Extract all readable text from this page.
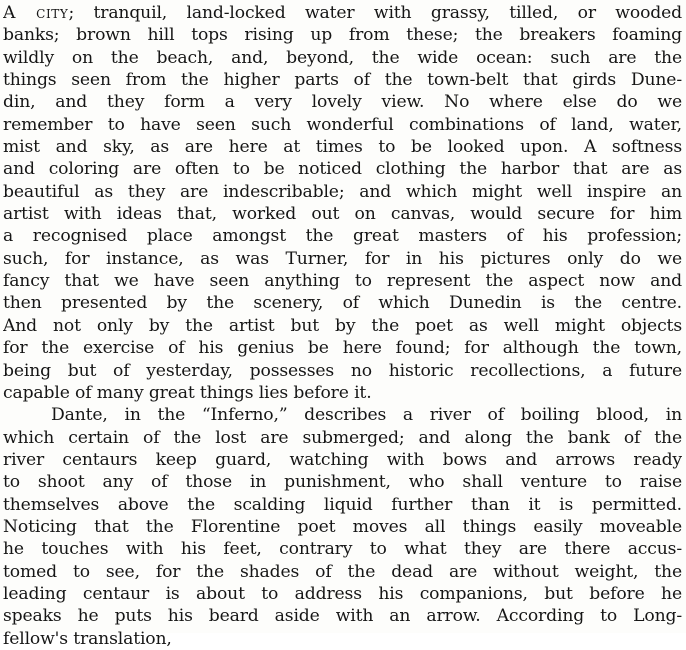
A city; tranquil, land-locked water with grassy, tilled, or wooded
banks; brown hill tops rising up from these; the breakers foaming
wildly on the beach, and, beyond, the wide ocean: such are the
things seen from the higher parts of the town-belt that girds Dune-
din, and they form a very lovely view. No where else do we
remember to have seen such wonderful combinations of land, water,
mist and sky, as are here at times to be looked upon. A softness
and coloring are often to be noticed clothing the harbor that are as
beautiful as they are indescribable; and which might well inspire an
artist with ideas that, worked out on canvas, would secure for him
a recognised place amongst the great masters of his profession;
such, for instance, as was Turner, for in his pictures only do we
fancy that we have seen anything to represent the aspect now and
then presented by the scenery, of which Dunedin is the centre.
And not only by the artist but by the poet as well might objects
for the exercise of his genius be here found; for although the town,
being but of yesterday, possesses no historic recollections, a future
capable of many great things lies before it.
Dante, in the “Inferno,” describes a river of boiling blood, in
which certain of the lost are submerged; and along the bank of the
river centaurs keep guard, watching with bows and arrows ready
to shoot any of those in punishment, who shall venture to raise
themselves above the scalding liquid further than it is permitted.
Noticing that the Florentine poet moves all things easily moveable
he touches with his feet, contrary to what they are there accus-
tomed to see, for the shades of the dead are without weight, the
leading centaur is about to address his companions, but before he
speaks he puts his beard aside with an arrow. According to Long-
fellow's translation,
